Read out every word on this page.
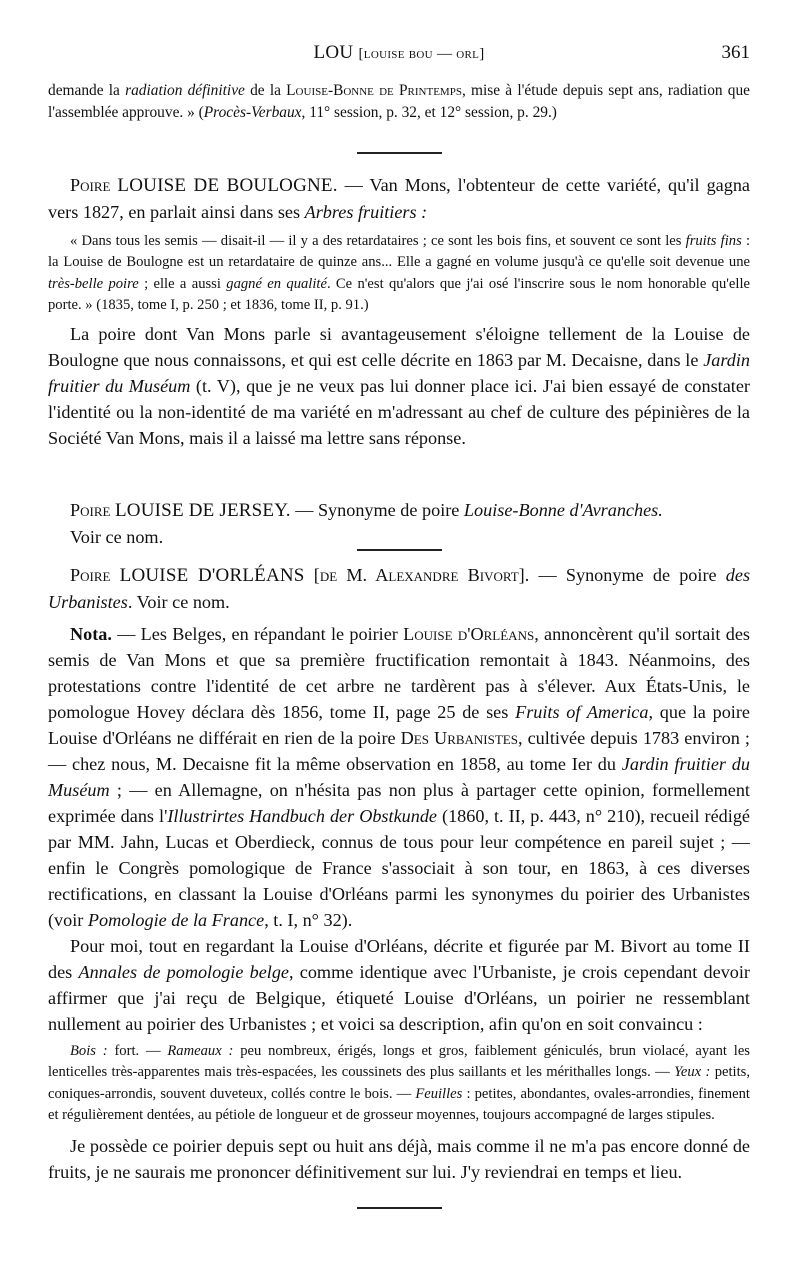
LOU [louise bou — orl]	361

demande la radiation définitive de la Louise-Bonne de Printemps, mise à l'étude depuis sept ans, radiation que l'assemblée approuve. » (Procès-Verbaux, 11° session, p. 32, et 12° session, p. 29.)

Poire LOUISE DE BOULOGNE. — Van Mons, l'obtenteur de cette variété, qu'il gagna vers 1827, en parlait ainsi dans ses Arbres fruitiers :

« Dans tous les semis — disait-il — il y a des retardataires ; ce sont les bois fins, et souvent ce sont les fruits fins : la Louise de Boulogne est un retardataire de quinze ans... Elle a gagné en volume jusqu'à ce qu'elle soit devenue une très-belle poire ; elle a aussi gagné en qualité. Ce n'est qu'alors que j'ai osé l'inscrire sous le nom honorable qu'elle porte. » (1835, tome I, p. 250 ; et 1836, tome II, p. 91.)

La poire dont Van Mons parle si avantageusement s'éloigne tellement de la Louise de Boulogne que nous connaissons, et qui est celle décrite en 1863 par M. Decaisne, dans le Jardin fruitier du Muséum (t. V), que je ne veux pas lui donner place ici. J'ai bien essayé de constater l'identité ou la non-identité de ma variété en m'adressant au chef de culture des pépinières de la Société Van Mons, mais il a laissé ma lettre sans réponse.

Poire LOUISE DE JERSEY. — Synonyme de poire Louise-Bonne d'Avranches.

Voir ce nom.

Poire LOUISE D'ORLÉANS [de M. Alexandre Bivort]. — Synonyme de poire des Urbanistes. Voir ce nom.

Nota. — Les Belges, en répandant le poirier Louise d'Orléans, annoncèrent qu'il sortait des semis de Van Mons et que sa première fructification remontait à 1843. Néanmoins, des protestations contre l'identité de cet arbre ne tardèrent pas à s'élever. Aux États-Unis, le pomologue Hovey déclara dès 1856, tome II, page 25 de ses Fruits of America, que la poire Louise d'Orléans ne différait en rien de la poire Des Urbanistes, cultivée depuis 1783 environ ; — chez nous, M. Decaisne fit la même observation en 1858, au tome Ier du Jardin fruitier du Muséum ; — en Allemagne, on n'hésita pas non plus à partager cette opinion, formellement exprimée dans l'Illustrirtes Handbuch der Obstkunde (1860, t. II, p. 443, n° 210), recueil rédigé par MM. Jahn, Lucas et Oberdieck, connus de tous pour leur compétence en pareil sujet ; — enfin le Congrès pomologique de France s'associait à son tour, en 1863, à ces diverses rectifications, en classant la Louise d'Orléans parmi les synonymes du poirier des Urbanistes (voir Pomologie de la France, t. I, n° 32).

Pour moi, tout en regardant la Louise d'Orléans, décrite et figurée par M. Bivort au tome II des Annales de pomologie belge, comme identique avec l'Urbaniste, je crois cependant devoir affirmer que j'ai reçu de Belgique, étiqueté Louise d'Orléans, un poirier ne ressemblant nullement au poirier des Urbanistes ; et voici sa description, afin qu'on en soit convaincu :

Bois : fort. — Rameaux : peu nombreux, érigés, longs et gros, faiblement géniculés, brun violacé, ayant les lenticelles très-apparentes mais très-espacées, les coussinets des plus saillants et les mérithalles longs. — Yeux : petits, coniques-arrondis, souvent duveteux, collés contre le bois. — Feuilles : petites, abondantes, ovales-arrondies, finement et régulièrement dentées, au pétiole de longueur et de grosseur moyennes, toujours accompagné de larges stipules.

Je possède ce poirier depuis sept ou huit ans déjà, mais comme il ne m'a pas encore donné de fruits, je ne saurais me prononcer définitivement sur lui. J'y reviendrai en temps et lieu.
